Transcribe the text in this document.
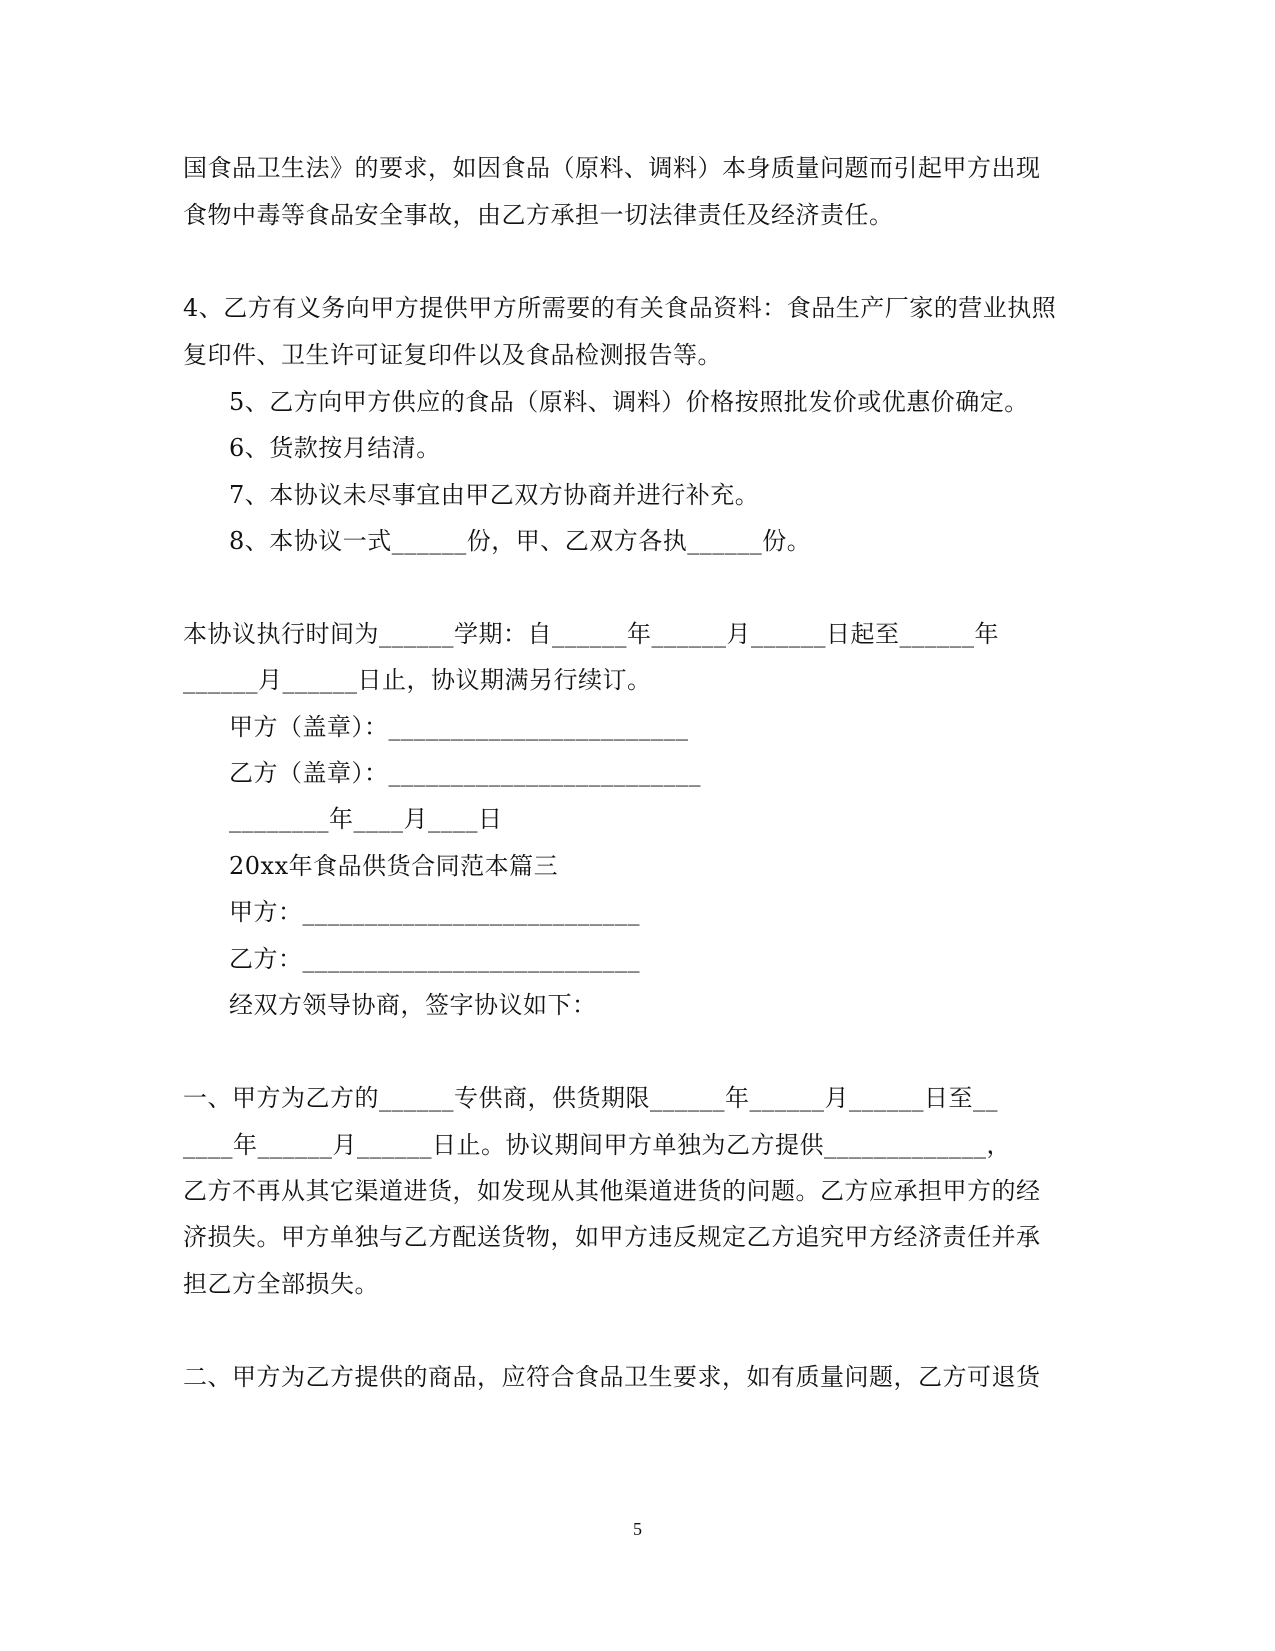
国食品卫生法》的要求，如因食品（原料、调料）本身质量问题而引起甲方出现
食物中毒等食品安全事故，由乙方承担一切法律责任及经济责任。
4、乙方有义务向甲方提供甲方所需要的有关食品资料：食品生产厂家的营业执照
复印件、卫生许可证复印件以及食品检测报告等。
5、乙方向甲方供应的食品（原料、调料）价格按照批发价或优惠价确定。
6、货款按月结清。
7、本协议未尽事宜由甲乙双方协商并进行补充。
8、本协议一式______份，甲、乙双方各执______份。
本协议执行时间为______学期：自______年______月______日起至______年
______月______日止，协议期满另行续订。
甲方（盖章）：________________________
乙方（盖章）：_________________________
________年____月____日
20xx年食品供货合同范本篇三
甲方：___________________________
乙方：___________________________
经双方领导协商，签字协议如下：
一、甲方为乙方的______专供商，供货期限______年______月______日至__
____年______月______日止。协议期间甲方单独为乙方提供_____________，
乙方不再从其它渠道进货，如发现从其他渠道进货的问题。乙方应承担甲方的经
济损失。甲方单独与乙方配送货物，如甲方违反规定乙方追究甲方经济责任并承
担乙方全部损失。
二、甲方为乙方提供的商品，应符合食品卫生要求，如有质量问题，乙方可退货
5
